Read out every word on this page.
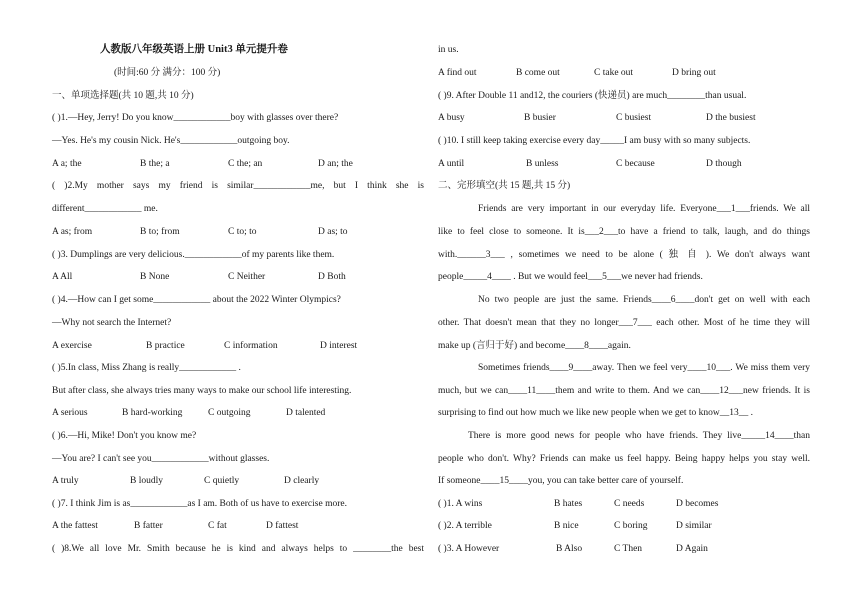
人教版八年级英语上册 Unit3 单元提升卷
(时间:60 分 满分：100 分)
一、单项选择题(共 10 题,共 10 分)
( )1.—Hey, Jerry! Do you know____________boy with glasses over there?
—Yes. He's my cousin Nick. He's____________outgoing boy.
A a; the	B the; a	C the; an	D an; the
( )2.My mother says my friend is similar____________me, but I think she is
different____________ me.
A as; from	B to; from	C to; to	D as; to
( )3. Dumplings are very delicious.____________of my parents like them.
A All	B None	C Neither	D Both
( )4.—How can I get some____________ about the 2022 Winter Olympics?
—Why not search the Internet?
A exercise	B practice	C information	D interest
( )5.In class, Miss Zhang is really____________ .
But after class, she always tries many ways to make our school life interesting.
A serious	B hard-working	C outgoing	D talented
( )6.—Hi, Mike! Don't you know me?
—You are? I can't see you____________without glasses.
A truly	B loudly	C quietly	D clearly
( )7. I think Jim is as____________as I am. Both of us have to exercise more.
A the fattest	B fatter	C fat	D fattest
( )8.We all love Mr. Smith because he is kind and always helps to ________the best
in us.
A find out	B come out	C take out	D bring out
( )9. After Double 11 and12, the couriers (快递员) are much________than usual.
A busy	B busier	C busiest	D the busiest
( )10. I still keep taking exercise every day_____I am busy with so many subjects.
A until	B unless	C because	D though
二、完形填空(共 15 题,共 15 分)
Friends are very important in our everyday life. Everyone___1___friends. We all
like to feel close to someone. It is___2___to have a friend to talk, laugh, and do things
with.______3___ , sometimes we need to be alone ( 独 自 ). We don't always want
people_____4____ . But we would feel___5___we never had friends.
No two people are just the same. Friends____6____don't get on well with each
other. That doesn't mean that they no longer___7___ each other. Most of he time they will
make up (言归于好) and become____8____again.
Sometimes friends____9____away. Then we feel very____10___. We miss them very
much, but we can____11____them and write to them. And we can____12___new friends. It is
surprising to find out how much we like new people when we get to know__13__ .
There is more good news for people who have friends. They live_____14____than
people who don't. Why? Friends can make us feel happy. Being happy helps you stay well.
If someone____15____you, you can take better care of yourself.
( )1. A wins	B hates	C needs	D becomes
( )2. A terrible	B nice	C boring	D similar
( )3. A However	B Also	C Then	D Again
